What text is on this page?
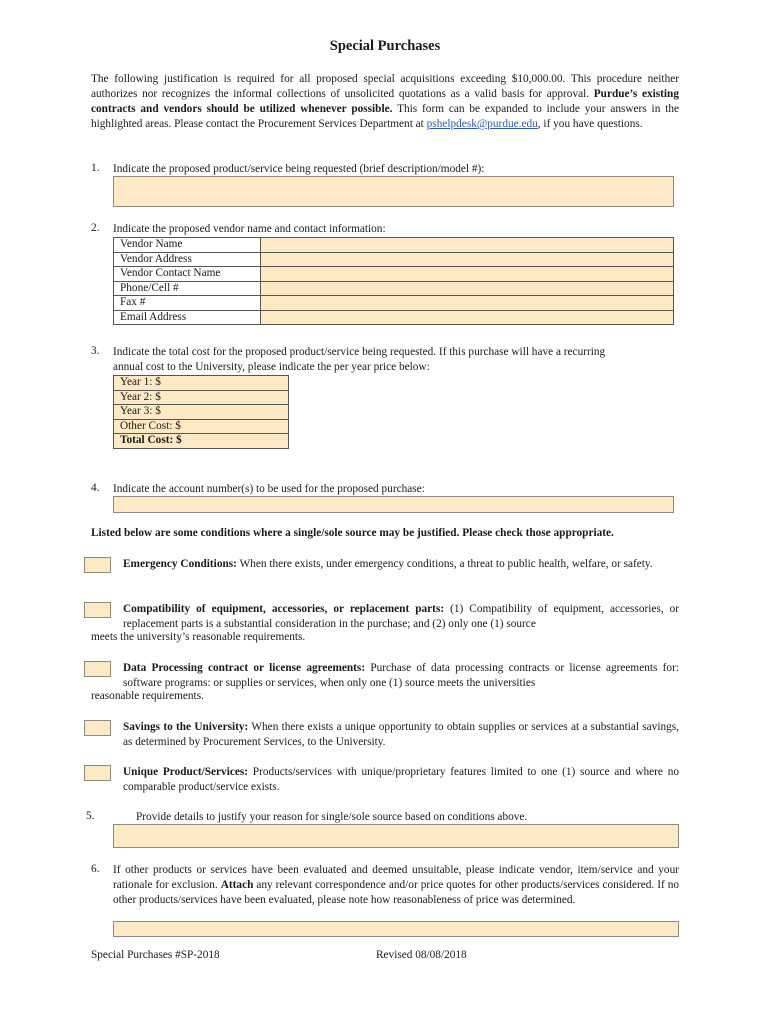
Special Purchases
The following justification is required for all proposed special acquisitions exceeding $10,000.00. This procedure neither authorizes nor recognizes the informal collections of unsolicited quotations as a valid basis for approval. Purdue’s existing contracts and vendors should be utilized whenever possible. This form can be expanded to include your answers in the highlighted areas. Please contact the Procurement Services Department at pshelpdesk@purdue.edu, if you have questions.
1.	Indicate the proposed product/service being requested (brief description/model #):
2.	Indicate the proposed vendor name and contact information:
Vendor Name	
Vendor Address	
Vendor Contact Name	
Phone/Cell #	
Fax #	
Email Address	
3.	Indicate the total cost for the proposed product/service being requested. If this purchase will have a recurring
annual cost to the University, please indicate the per year price below:
Year 1: $
Year 2: $
Year 3: $
Other Cost: $
Total Cost: $
4.	Indicate the account number(s) to be used for the proposed purchase:
Listed below are some conditions where a single/sole source may be justified. Please check those appropriate.
Emergency Conditions: When there exists, under emergency conditions, a threat to public health, welfare, or safety.
Compatibility of equipment, accessories, or replacement parts: (1) Compatibility of equipment, accessories, or replacement parts is a substantial consideration in the purchase; and (2) only one (1) source
meets the university’s reasonable requirements.
Data Processing contract or license agreements: Purchase of data processing contracts or license agreements for: software programs: or supplies or services, when only one (1) source meets the universities
reasonable requirements.
Savings to the University: When there exists a unique opportunity to obtain supplies or services at a substantial savings, as determined by Procurement Services, to the University.
Unique Product/Services: Products/services with unique/proprietary features limited to one (1) source and where no comparable product/service exists.
5.	Provide details to justify your reason for single/sole source based on conditions above.
6.	If other products or services have been evaluated and deemed unsuitable, please indicate vendor, item/service and your rationale for exclusion. Attach any relevant correspondence and/or price quotes for other products/services considered. If no other products/services have been evaluated, please note how reasonableness of price was determined.
Special Purchases #SP-2018	Revised 08/08/2018
